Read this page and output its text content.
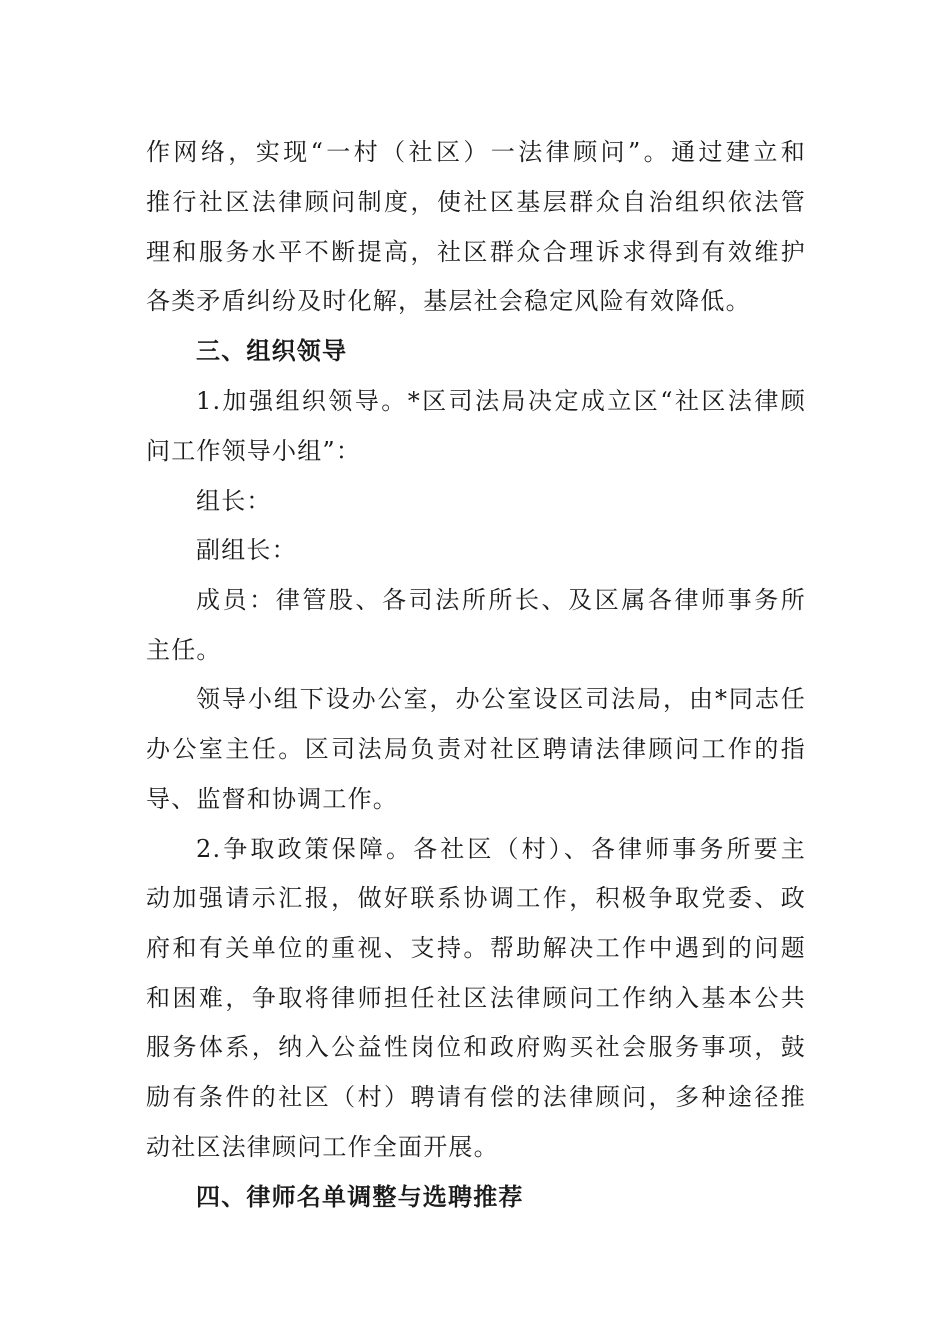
作网络，实现“一村（社区）一法律顾问”。通过建立和
推行社区法律顾问制度，使社区基层群众自治组织依法管
理和服务水平不断提高，社区群众合理诉求得到有效维护
各类矛盾纠纷及时化解，基层社会稳定风险有效降低。
三、组织领导
1.加强组织领导。*区司法局决定成立区“社区法律顾
问工作领导小组”：
组长：
副组长：
成员：律管股、各司法所所长、及区属各律师事务所
主任。
领导小组下设办公室，办公室设区司法局，由*同志任
办公室主任。区司法局负责对社区聘请法律顾问工作的指
导、监督和协调工作。
2.争取政策保障。各社区（村）、各律师事务所要主
动加强请示汇报，做好联系协调工作，积极争取党委、政
府和有关单位的重视、支持。帮助解决工作中遇到的问题
和困难，争取将律师担任社区法律顾问工作纳入基本公共
服务体系，纳入公益性岗位和政府购买社会服务事项，鼓
励有条件的社区（村）聘请有偿的法律顾问，多种途径推
动社区法律顾问工作全面开展。
四、律师名单调整与选聘推荐
